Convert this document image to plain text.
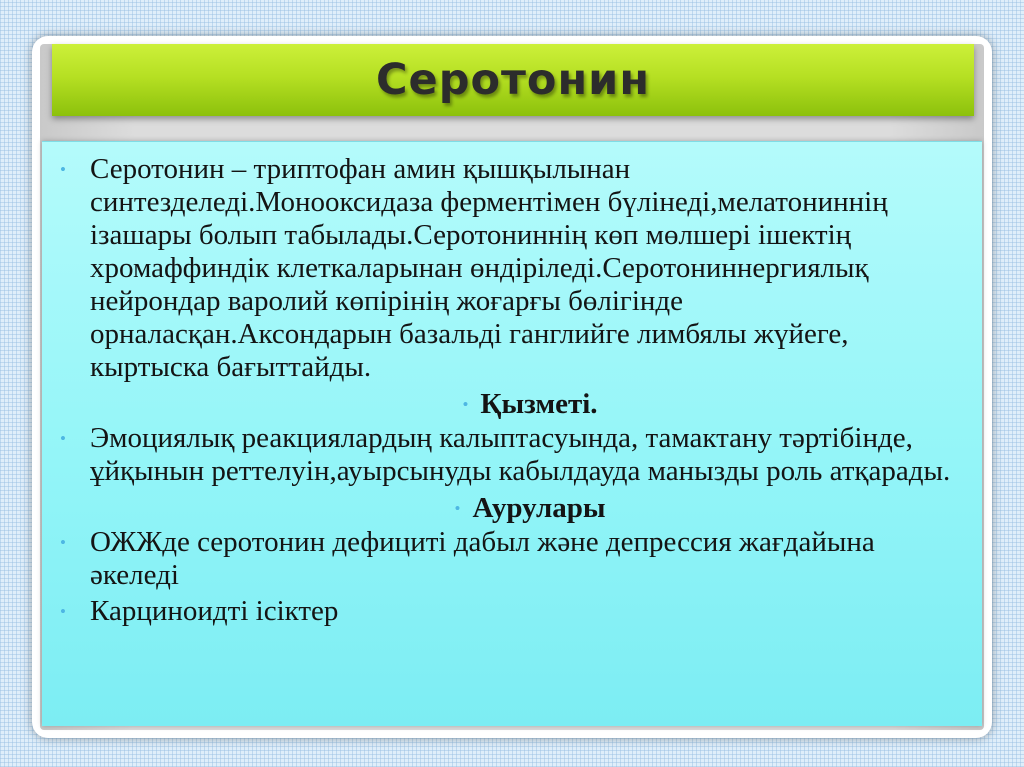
Серотонин
• Серотонин – триптофан амин қышқылынан синтезделеді.Монооксидаза ферментімен бүлінеді,мелатониннің ізашары болып табылады.Серотониннің көп мөлшері ішектің хромаффиндік клеткаларынан өндіріледі.Серотониннергиялық нейрондар варолий көпірінің жоғарғы бөлігінде орналасқан.Аксондарын базальді ганглийге лимбялы жүйеге, кыртыска бағыттайды.
• Қызметі.
• Эмоциялық реакциялардың калыптасуында, тамактану тәртібінде, ұйқынын реттелуін,ауырсынуды кабылдауда манызды роль атқарады.
• Аурулары
• ОЖЖде серотонин дефициті дабыл және депрессия жағдайына әкеледі
• Карциноидті ісіктер
